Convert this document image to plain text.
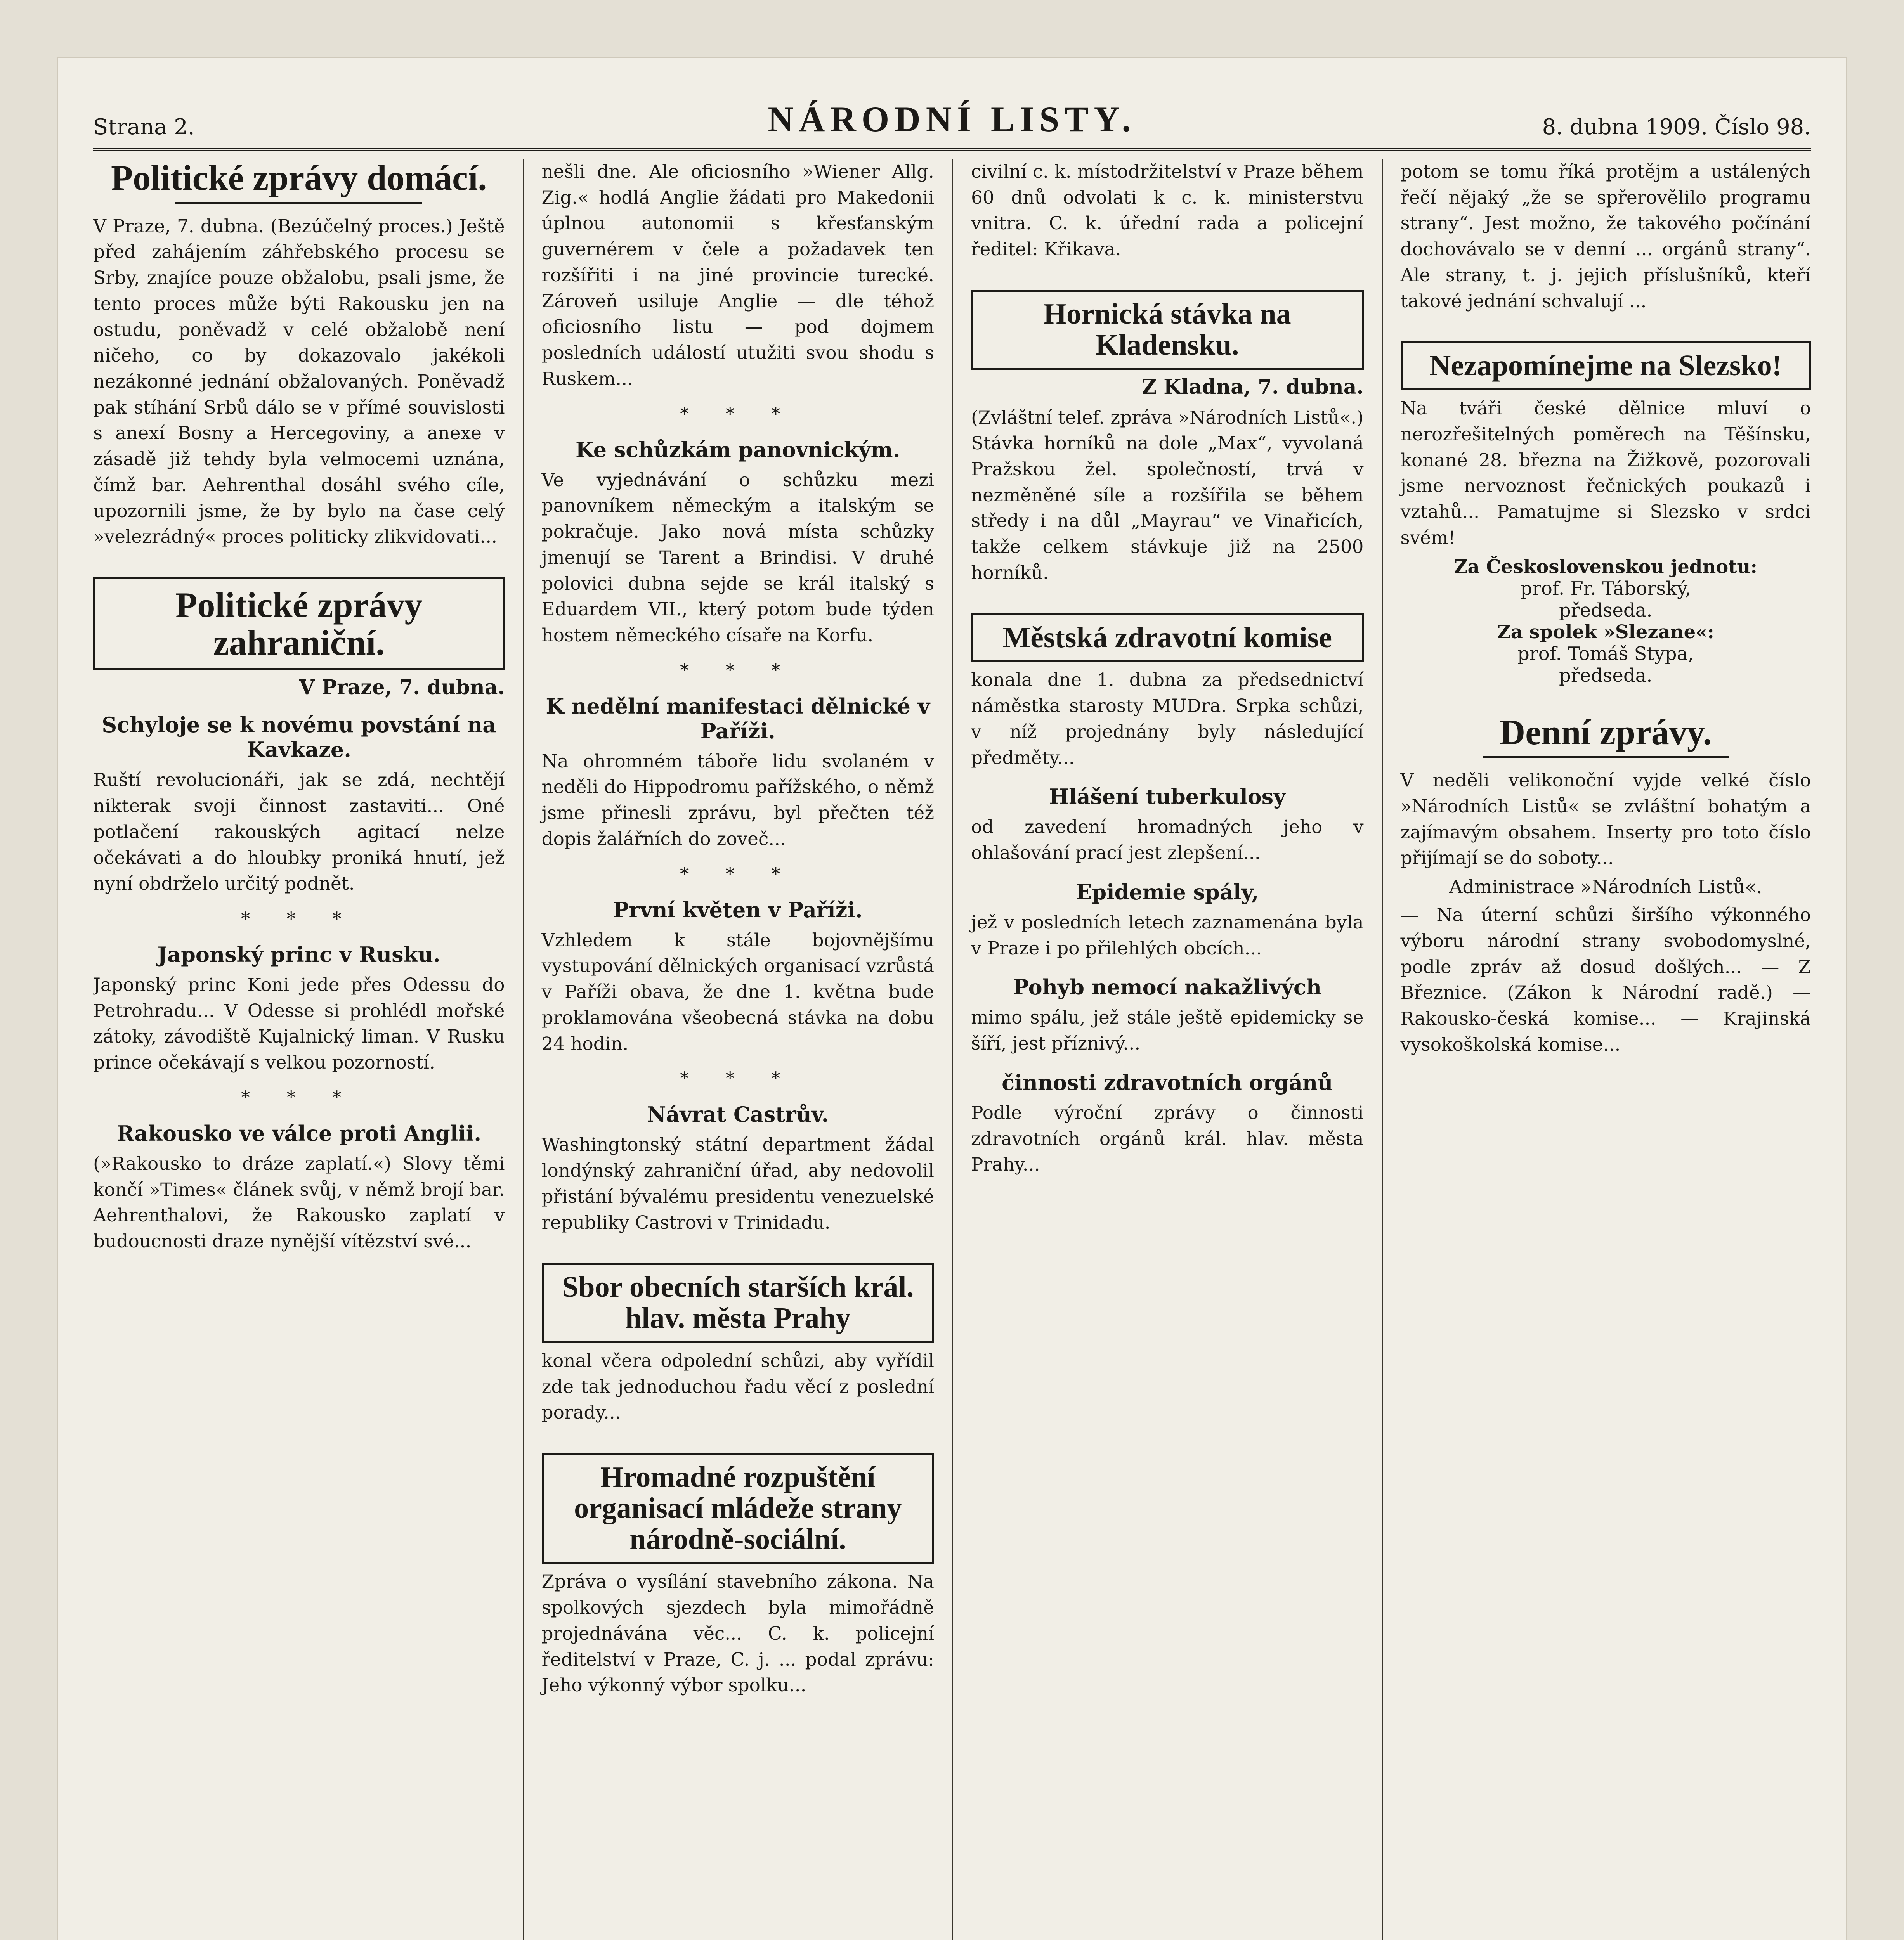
Strana 2.	NÁRODNÍ LISTY.	8. dubna 1909. Číslo 98.
Politické zprávy domácí.

V Praze, 7. dubna. (Bezúčelný proces.) Ještě před zahájením záhřebského procesu se Srby, znajíce pouze obžalobu, psali jsme, že tento proces může býti Rakousku jen na ostudu, poněvadž v celé obžalobě není ničeho, co by dokazovalo jakékoli nezákonné jednání obžalovaných. Poněvadž pak stíhání Srbů dálo se v přímé souvislosti s anexí Bosny a Hercegoviny, a anexe v zásadě již tehdy byla velmocemi uznána, čímž bar. Aehrenthal dosáhl svého cíle, upozornili jsme, že by bylo na čase celý »velezrádný« proces politicky zlikvidovati...

Politické zprávy zahraniční.

V Praze, 7. dubna.

Schyloje se k novému povstání na Kavkaze.

Ruští revolucionáři, jak se zdá, nechtějí nikterak svoji činnost zastaviti... Oné potlačení rakouských agitací nelze očekávati a do hloubky proniká hnutí, jež nyní obdrželo určitý podnět.

* * *

Japonský princ v Rusku.

Japonský princ Koni jede přes Odessu do Petrohradu... V Odesse si prohlédl mořské zátoky, závodiště Kujalnický liman. V Rusku prince očekávají s velkou pozorností.

* * *

Rakousko ve válce proti Anglii.

(»Rakousko to dráze zaplatí.«) Slovy těmi končí »Times« článek svůj, v němž brojí bar. Aehrenthalovi, že Rakousko zaplatí v budoucnosti draze nynější vítězství své...

nešli dne. Ale oficiosního »Wiener Allg. Zig.« hodlá Anglie žádati pro Makedonii úplnou autonomii s křesťanským guvernérem v čele a požadavek ten rozšířiti i na jiné provincie turecké. Zároveň usiluje Anglie — dle téhož oficiosního listu — pod dojmem posledních událostí utužiti svou shodu s Ruskem...

* * *

Ke schůzkám panovnickým.

Ve vyjednávání o schůzku mezi panovníkem německým a italským se pokračuje. Jako nová místa schůzky jmenují se Tarent a Brindisi. V druhé polovici dubna sejde se král italský s Eduardem VII., který potom bude týden hostem německého císaře na Korfu.

* * *

K nedělní manifestaci dělnické v Paříži.

Na ohromném táboře lidu svolaném v neděli do Hippodromu pařížského, o němž jsme přinesli zprávu, byl přečten též dopis žalářních do zoveč...

* * *

První květen v Paříži.

Vzhledem k stále bojovnějšímu vystupování dělnických organisací vzrůstá v Paříži obava, že dne 1. května bude proklamována všeobecná stávka na dobu 24 hodin.

* * *

Návrat Castrův.

Washingtonský státní department žádal londýnský zahraniční úřad, aby nedovolil přistání bývalému presidentu venezuelské republiky Castrovi v Trinidadu.

Sbor obecních starších král. hlav. města Prahy

konal včera odpolední schůzi, aby vyřídil zde tak jednoduchou řadu věcí z poslední porady...

Hromadné rozpuštění organisací mládeže strany národně-sociální.

Zpráva o vysílání stavebního zákona. Na spolkových sjezdech byla mimořádně projednávána věc... C. k. policejní ředitelství v Praze, C. j. ... podal zprávu: Jeho výkonný výbor spolku...

civilní c. k. místodržitelství v Praze během 60 dnů odvolati k c. k. ministerstvu vnitra. C. k. úřední rada a policejní ředitel: Křikava.

Hornická stávka na Kladensku.

Z Kladna, 7. dubna.

(Zvláštní telef. zpráva »Národních Listů«.) Stávka horníků na dole „Max“, vyvolaná Pražskou žel. společností, trvá v nezměněné síle a rozšířila se během středy i na důl „Mayrau“ ve Vinařicích, takže celkem stávkuje již na 2500 horníků.

Městská zdravotní komise

konala dne 1. dubna za předsednictví náměstka starosty MUDra. Srpka schůzi, v níž projednány byly následující předměty...

Hlášení tuberkulosy

od zavedení hromadných jeho v ohlašování prací jest zlepšení...

Epidemie spály,

jež v posledních letech zaznamenána byla v Praze i po přilehlých obcích...

Pohyb nemocí nakažlivých

mimo spálu, jež stále ještě epidemicky se šíří, jest příznivý...

činnosti zdravotních orgánů

Podle výroční zprávy o činnosti zdravotních orgánů král. hlav. města Prahy...

potom se tomu říká protějm a ustálených řečí nějaký „že se spřerovělilo programu strany“. Jest možno, že takového počínání dochovávalo se v denní ... orgánů strany“. Ale strany, t. j. jejich příslušníků, kteří takové jednání schvalují ...

Nezapomínejme na Slezsko!

Na tváři české dělnice mluví o nerozřešitelných poměrech na Těšínsku, konané 28. března na Žižkově, pozorovali jsme nervoznost řečnických poukazů i vztahů... Pamatujme si Slezsko v srdci svém!

Za Československou jednotu:
prof. Fr. Táborský,
předseda.
Za spolek »Slezane«:
prof. Tomáš Stypa,
předseda.
Denní zprávy.

V neděli velikonoční vyjde velké číslo »Národních Listů« se zvláštní bohatým a zajímavým obsahem. Inserty pro toto číslo přijímají se do soboty...

Administrace »Národních Listů«.

— Na úterní schůzi širšího výkonného výboru národní strany svobodomyslné, podle zpráv až dosud došlých... — Z Březnice. (Zákon k Národní radě.) — Rakousko-česká komise... — Krajinská vysokoškolská komise...
